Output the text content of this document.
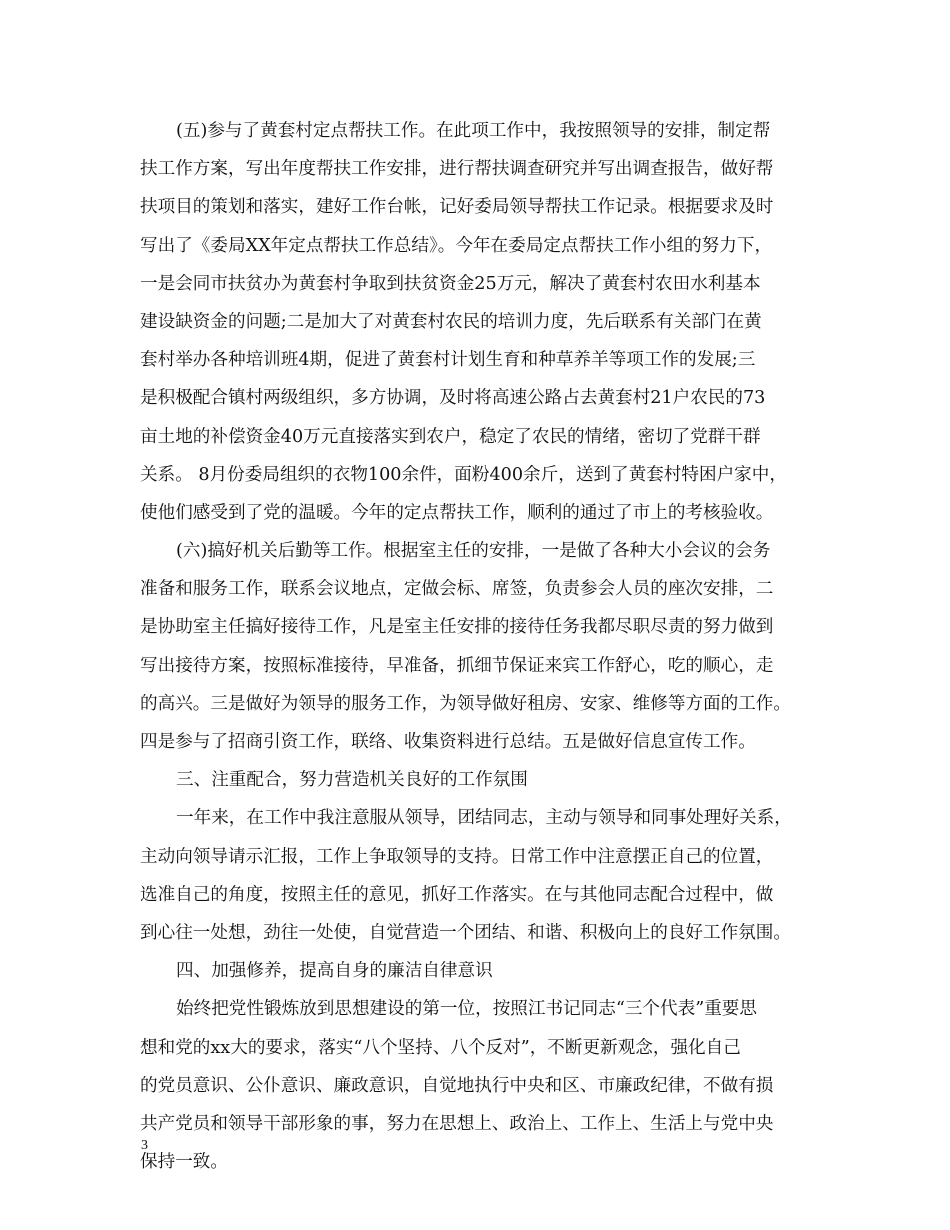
(五)参与了黄套村定点帮扶工作。在此项工作中，我按照领导的安排，制定帮
扶工作方案，写出年度帮扶工作安排，进行帮扶调查研究并写出调查报告，做好帮
扶项目的策划和落实，建好工作台帐，记好委局领导帮扶工作记录。根据要求及时
写出了《委局XX年定点帮扶工作总结》。今年在委局定点帮扶工作小组的努力下，
一是会同市扶贫办为黄套村争取到扶贫资金25万元，解决了黄套村农田水利基本
建设缺资金的问题;二是加大了对黄套村农民的培训力度，先后联系有关部门在黄
套村举办各种培训班4期，促进了黄套村计划生育和种草养羊等项工作的发展;三
是积极配合镇村两级组织，多方协调，及时将高速公路占去黄套村21户农民的73
亩土地的补偿资金40万元直接落实到农户，稳定了农民的情绪，密切了党群干群
关系。 8月份委局组织的衣物100余件，面粉400余斤，送到了黄套村特困户家中，
使他们感受到了党的温暖。今年的定点帮扶工作，顺利的通过了市上的考核验收。
(六)搞好机关后勤等工作。根据室主任的安排，一是做了各种大小会议的会务
准备和服务工作，联系会议地点，定做会标、席签，负责参会人员的座次安排，二
是协助室主任搞好接待工作，凡是室主任安排的接待任务我都尽职尽责的努力做到
写出接待方案，按照标准接待，早准备，抓细节保证来宾工作舒心，吃的顺心，走
的高兴。三是做好为领导的服务工作，为领导做好租房、安家、维修等方面的工作。
四是参与了招商引资工作，联络、收集资料进行总结。五是做好信息宣传工作。
三、注重配合，努力营造机关良好的工作氛围
一年来，在工作中我注意服从领导，团结同志，主动与领导和同事处理好关系，
主动向领导请示汇报，工作上争取领导的支持。日常工作中注意摆正自己的位置，
选准自己的角度，按照主任的意见，抓好工作落实。在与其他同志配合过程中，做
到心往一处想，劲往一处使，自觉营造一个团结、和谐、积极向上的良好工作氛围。
四、加强修养，提高自身的廉洁自律意识
始终把党性锻炼放到思想建设的第一位，按照江书记同志“三个代表”重要思
想和党的xx大的要求，落实“八个坚持、八个反对”，不断更新观念，强化自己
的党员意识、公仆意识、廉政意识，自觉地执行中央和区、市廉政纪律，不做有损
共产党员和领导干部形象的事，努力在思想上、政治上、工作上、生活上与党中央
保持一致。
3
